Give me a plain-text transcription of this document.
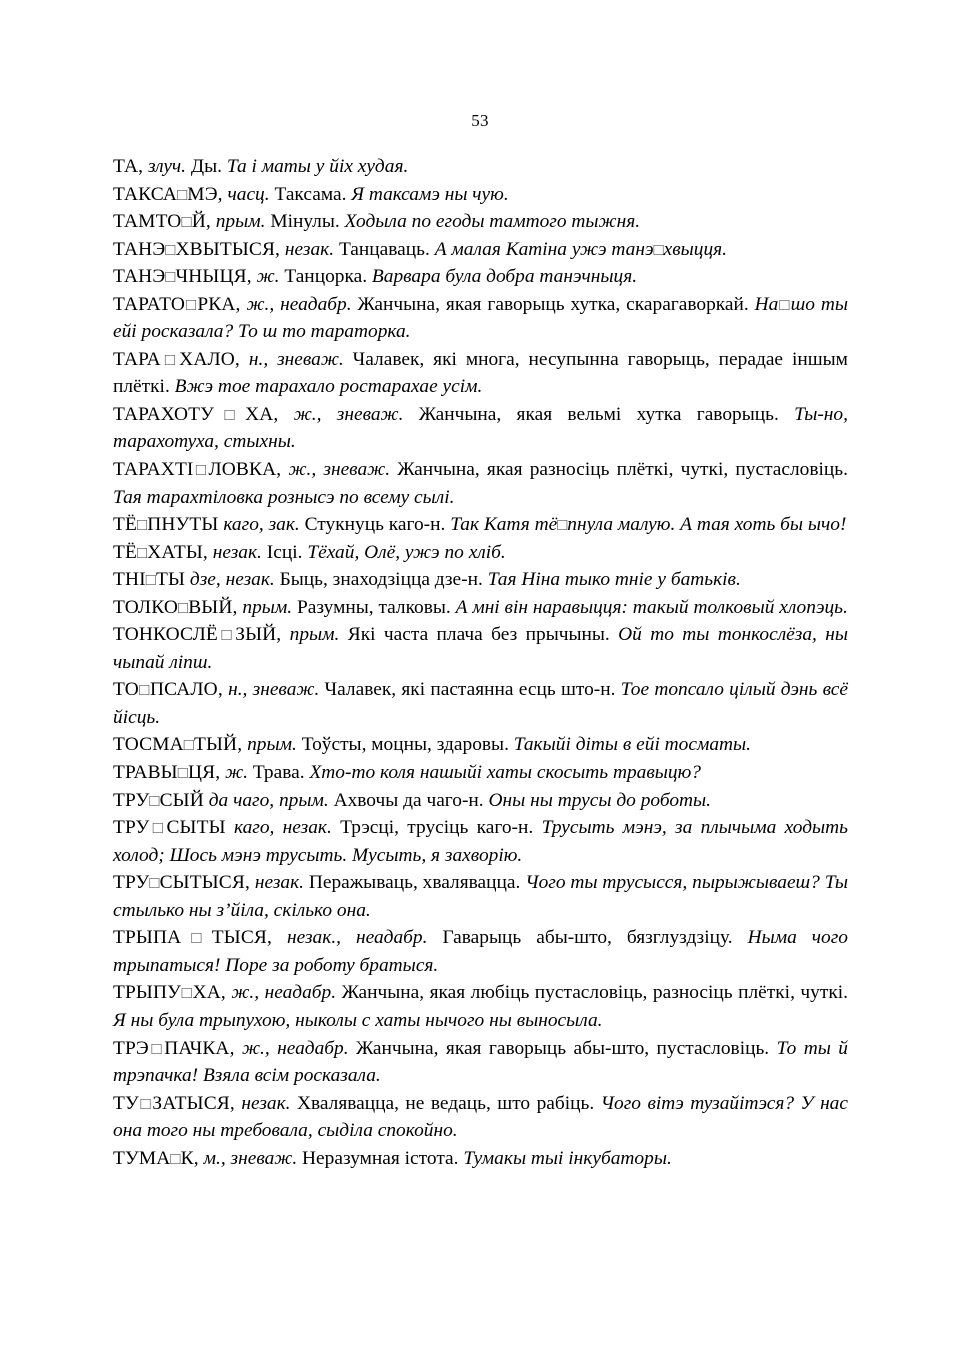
53

ТА, злуч. Ды. Та і маты у йіх худая.

ТАКСА□МЭ, часц. Таксама. Я таксамэ ны чую.

ТАМТО□Й, прым. Мінулы. Ходыла по егоды тамтого тыжня.

ТАНЭ□ХВЫТЫСЯ, незак. Танцаваць. А малая Катіна ужэ танэ□хвыцця.

ТАНЭ□ЧНЫЦЯ, ж. Танцорка. Варвара була добра танэчныця.

ТАРАТО□РКА, ж., неадабр. Жанчына, якая гаворыць хутка, скарагаворкай. На□шо ты ейі росказала? То ш то тараторка.

ТАРА□ХАЛО, н., зневаж. Чалавек, які многа, несупынна гаворыць, перадае іншым плёткі. Вжэ тое тарахало ростарахае усім.

ТАРАХОТУ□ХА, ж., зневаж. Жанчына, якая вельмі хутка гаворыць. Ты-но, тарахотуха, стыхны.

ТАРАХТІ□ЛОВКА, ж., зневаж. Жанчына, якая разносіць плёткі, чуткі, пустасловіць. Тая тарахтіловка рознысэ по всему сылі.

ТЁ□ПНУТЫ каго, зак. Стукнуць каго-н. Так Катя тё□пнула малую. А тая хоть бы ычо!

ТЁ□ХАТЫ, незак. Ісці. Тёхай, Олё, ужэ по хліб.

ТНІ□ТЫ дзе, незак. Быць, знаходзіцца дзе-н. Тая Ніна тыко тніе у батьків.

ТОЛКО□ВЫЙ, прым. Разумны, талковы. А мні він наравыцця: такый толковый хлопэць.

ТОНКОСЛЁ□ЗЫЙ, прым. Які часта плача без прычыны. Ой то ты тонкослёза, ны чыпай ліпш.

ТО□ПСАЛО, н., зневаж. Чалавек, які пастаянна есць што-н. Тое топсало цілый дэнь всё йісць.

ТОСМА□ТЫЙ, прым. Тоўсты, моцны, здаровы. Такыйі діты в ейі тосматы.

ТРАВЫ□ЦЯ, ж. Трава. Хто-то коля нашыйі хаты скосыть травыцю?

ТРУ□СЫЙ да чаго, прым. Ахвочы да чаго-н. Оны ны трусы до роботы.

ТРУ□СЫТЫ каго, незак. Трэсці, трусіць каго-н. Трусыть мэнэ, за плычыма ходыть холод; Шось мэнэ трусыть. Мусыть, я захворію.

ТРУ□СЫТЫСЯ, незак. Перажываць, хвалявацца. Чого ты трусысся, пырыжываеш? Ты стылько ны з’йіла, скілько она.

ТРЫПА□ТЫСЯ, незак., неадабр. Гаварыць абы-што, бязглуздзіцу. Ныма чого трыпатыся! Поре за роботу братыся.

ТРЫПУ□ХА, ж., неадабр. Жанчына, якая любіць пустасловіць, разносіць плёткі, чуткі. Я ны була трыпухою, ныколы с хаты нычого ны выносыла.

ТРЭ□ПАЧКА, ж., неадабр. Жанчына, якая гаворыць абы-што, пустасловіць. То ты й трэпачка! Взяла всім росказала.

ТУ□ЗАТЫСЯ, незак. Хвалявацца, не ведаць, што рабіць. Чого вітэ тузайітэся? У нас она того ны требовала, сыділа спокойно.

ТУМА□К, м., зневаж. Неразумная істота. Тумакы тыі інкубаторы.
